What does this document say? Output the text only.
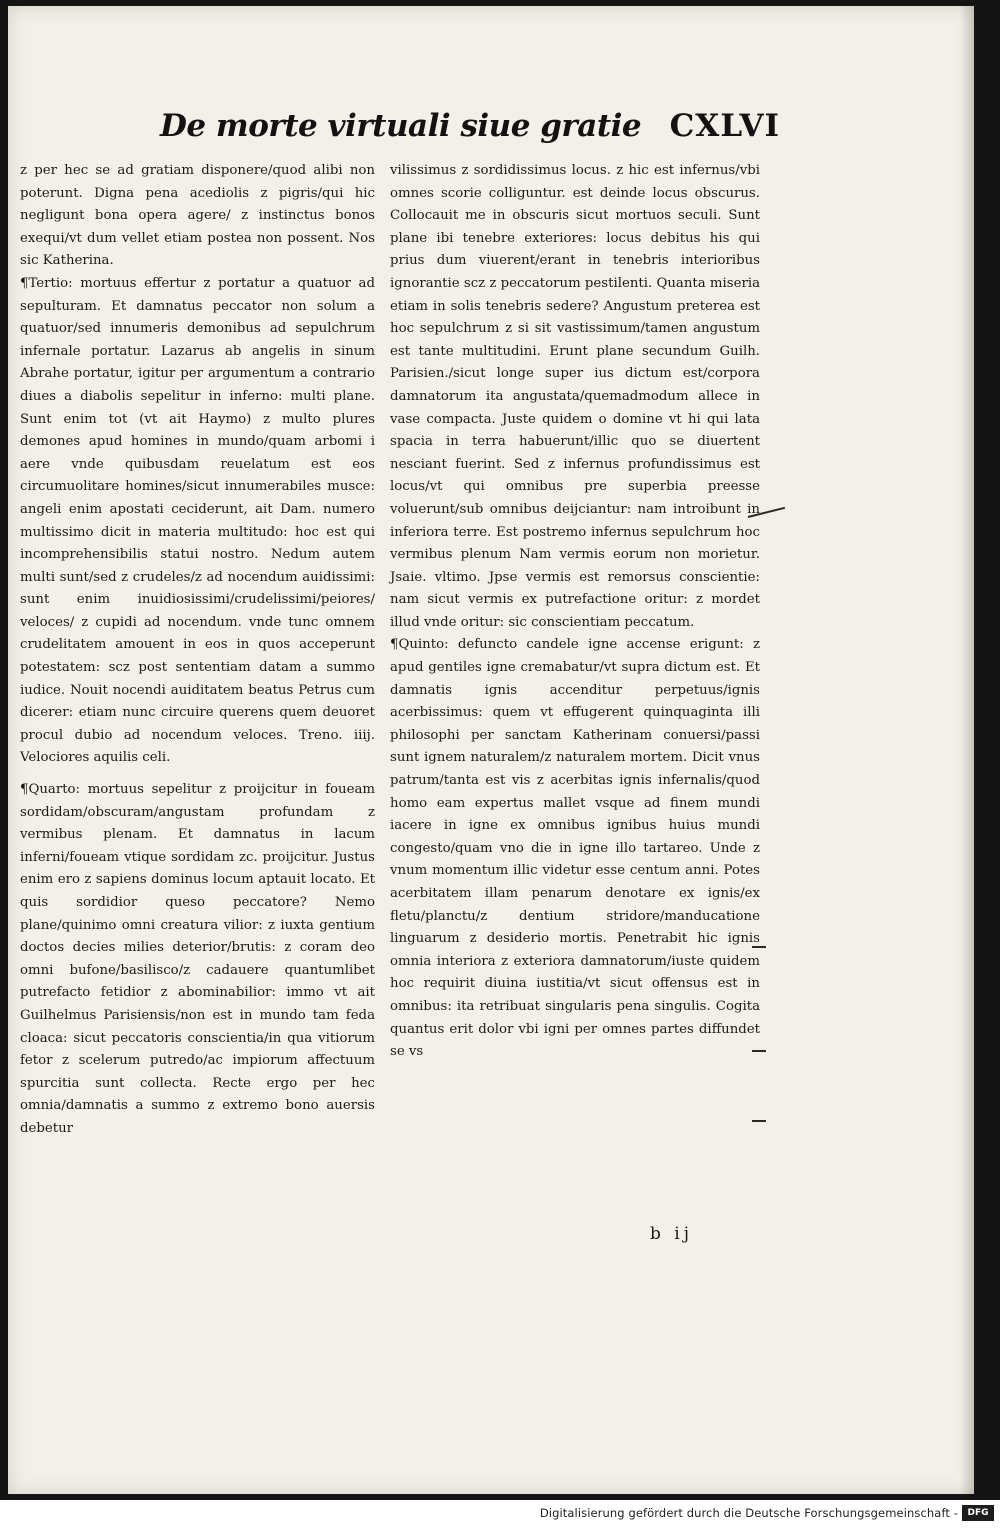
De morte virtuali siue gratie CXLVI

z per hec se ad gratiam disponere/quod alibi non poterunt. Digna pena acediolis z pigris/qui hic negligunt bona opera agere/ z instinctus bonos exequi/vt dum vellet etiam postea non possent. Nos sic Katherina.

¶Tertio: mortuus effertur z portatur a quatuor ad sepulturam. Et damnatus peccator non solum a quatuor/sed innumeris demonibus ad sepulchrum infernale portatur. Lazarus ab angelis in sinum Abrahe portatur, igitur per argumentum a contrario diues a diabolis sepelitur in inferno: multi plane. Sunt enim tot (vt ait Haymo) z multo plures demones apud homines in mundo/quam arbomi i aere vnde quibusdam reuelatum est eos circumuolitare homines/sicut innumerabiles musce: angeli enim apostati ceciderunt, ait Dam. numero multissimo dicit in materia multitudo: hoc est qui incomprehensibilis statui nostro. Nedum autem multi sunt/sed z crudeles/z ad nocendum auidissimi: sunt enim inuidiosissimi/crudelissimi/peiores/ veloces/ z cupidi ad nocendum. vnde tunc omnem crudelitatem amouent in eos in quos acceperunt potestatem: scz post sententiam datam a summo iudice. Nouit nocendi auiditatem beatus Petrus cum dicerer: etiam nunc circuire querens quem deuoret procul dubio ad nocendum veloces. Treno. iiij. Velociores aquilis celi.

¶Quarto: mortuus sepelitur z proijcitur in foueam sordidam/obscuram/angustam profundam z vermibus plenam. Et damnatus in lacum inferni/foueam vtique sordidam zc. proijcitur. Justus enim ero z sapiens dominus locum aptauit locato. Et quis sordidior queso peccatore? Nemo plane/quinimo omni creatura vilior: z iuxta gentium doctos decies milies deterior/brutis: z coram deo omni bufone/basilisco/z cadauere quantumlibet putrefacto fetidior z abominabilior: immo vt ait Guilhelmus Parisiensis/non est in mundo tam feda cloaca: sicut peccatoris conscientia/in qua vitiorum fetor z scelerum putredo/ac impiorum affectuum spurcitia sunt collecta. Recte ergo per hec omnia/damnatis a summo z extremo bono auersis debetur

vilissimus z sordidissimus locus. z hic est infernus/vbi omnes scorie colliguntur. est deinde locus obscurus. Collocauit me in obscuris sicut mortuos seculi. Sunt plane ibi tenebre exteriores: locus debitus his qui prius dum viuerent/erant in tenebris interioribus ignorantie scz z peccatorum pestilenti. Quanta miseria etiam in solis tenebris sedere? Angustum preterea est hoc sepulchrum z si sit vastissimum/tamen angustum est tante multitudini. Erunt plane secundum Guilh. Parisien./sicut longe super ius dictum est/corpora damnatorum ita angustata/quemadmodum allece in vase compacta. Juste quidem o domine vt hi qui lata spacia in terra habuerunt/illic quo se diuertent nesciant fuerint. Sed z infernus profundissimus est locus/vt qui omnibus pre superbia preesse voluerunt/sub omnibus deijciantur: nam introibunt in inferiora terre. Est postremo infernus sepulchrum hoc vermibus plenum Nam vermis eorum non morietur. Jsaie. vltimo. Jpse vermis est remorsus conscientie: nam sicut vermis ex putrefactione oritur: z mordet illud vnde oritur: sic conscientiam peccatum.

¶Quinto: defuncto candele igne accense erigunt: z apud gentiles igne cremabatur/vt supra dictum est. Et damnatis ignis accenditur perpetuus/ignis acerbissimus: quem vt effugerent quinquaginta illi philosophi per sanctam Katherinam conuersi/passi sunt ignem naturalem/z naturalem mortem. Dicit vnus patrum/tanta est vis z acerbitas ignis infernalis/quod homo eam expertus mallet vsque ad finem mundi iacere in igne ex omnibus ignibus huius mundi congesto/quam vno die in igne illo tartareo. Unde z vnum momentum illic videtur esse centum anni. Potes acerbitatem illam penarum denotare ex ignis/ex fletu/planctu/z dentium stridore/manducatione linguarum z desiderio mortis. Penetrabit hic ignis omnia interiora z exteriora damnatorum/iuste quidem hoc requirit diuina iustitia/vt sicut offensus est in omnibus: ita retribuat singularis pena singulis. Cogita quantus erit dolor vbi igni per omnes partes diffundet se vs

b ij
Digitalisierung gefördert durch die Deutsche Forschungsgemeinschaft -	DFG
